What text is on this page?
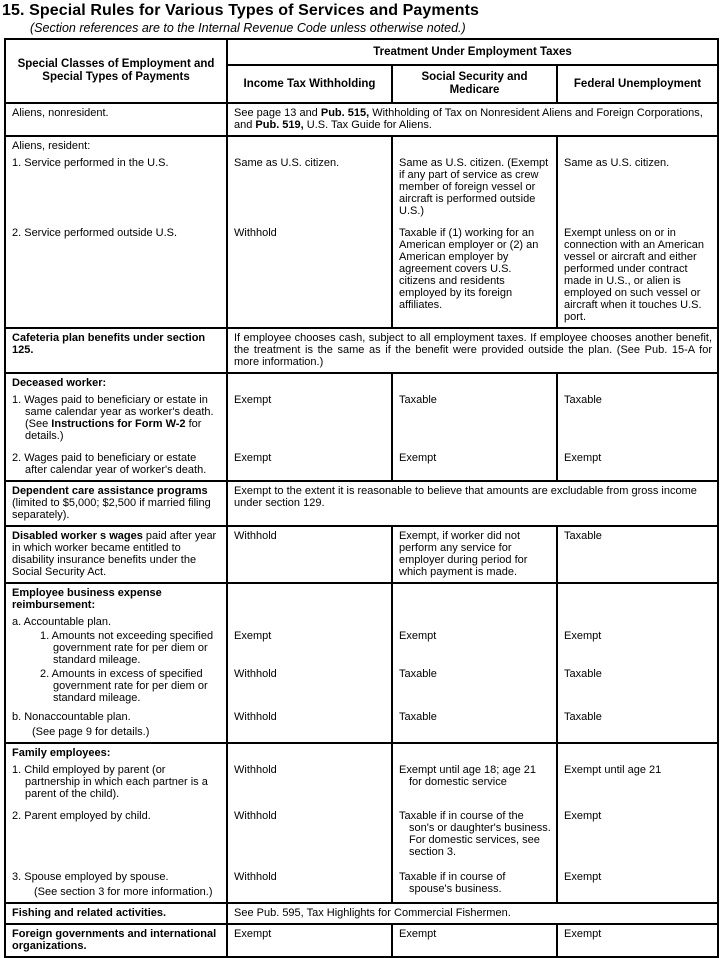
15. Special Rules for Various Types of Services and Payments
(Section references are to the Internal Revenue Code unless otherwise noted.)
Special Classes of Employment and Special Types of Payments	Treatment Under Employment Taxes		
	Income Tax Withholding	Social Security and Medicare	Federal Unemployment
Aliens, nonresident.	See page 13 and Pub. 515, Withholding of Tax on Nonresident Aliens and Foreign Corporations, and Pub. 519, U.S. Tax Guide for Aliens.		
Aliens, resident:			
1. Service performed in the U.S.	Same as U.S. citizen.	Same as U.S. citizen. (Exempt if any part of service as crew member of foreign vessel or aircraft is performed outside U.S.)	Same as U.S. citizen.
2. Service performed outside U.S.	Withhold	Taxable if (1) working for an American employer or (2) an American employer by agreement covers U.S. citizens and residents employed by its foreign affiliates.	Exempt unless on or in connection with an American vessel or aircraft and either performed under contract made in U.S., or alien is employed on such vessel or aircraft when it touches U.S. port.
Cafeteria plan benefits under section 125.	If employee chooses cash, subject to all employment taxes. If employee chooses another benefit, the treatment is the same as if the benefit were provided outside the plan. (See Pub. 15-A for more information.)		
Deceased worker:			
1. Wages paid to beneficiary or estate in same calendar year as worker's death. (See Instructions for Form W-2 for details.)	Exempt	Taxable	Taxable
2. Wages paid to beneficiary or estate after calendar year of worker's death.	Exempt	Exempt	Exempt
Dependent care assistance programs (limited to $5,000; $2,500 if married filing separately).	Exempt to the extent it is reasonable to believe that amounts are excludable from gross income under section 129.		
Disabled worker s wages paid after year in which worker became entitled to disability insurance benefits under the Social Security Act.	Withhold	Exempt, if worker did not perform any service for employer during period for which payment is made.	Taxable
Employee business expense reimbursement:			
a. Accountable plan.			
1. Amounts not exceeding specified government rate for per diem or standard mileage.	Exempt	Exempt	Exempt
2. Amounts in excess of specified government rate for per diem or standard mileage.	Withhold	Taxable	Taxable

b. Nonaccountable plan.
(See page 9 for details.)	Withhold	Taxable	Taxable
Family employees:			
1. Child employed by parent (or partnership in which each partner is a parent of the child).	Withhold	Exempt until age 18; age 21 for domestic service	Exempt until age 21
2. Parent employed by child.	Withhold	Taxable if in course of the son's or daughter's business. For domestic services, see section 3.	Exempt

3. Spouse employed by spouse.
(See section 3 for more information.)	Withhold	Taxable if in course of spouse's business.	Exempt
Fishing and related activities.	See Pub. 595, Tax Highlights for Commercial Fishermen.		
Foreign governments and international organizations.	Exempt	Exempt	Exempt
